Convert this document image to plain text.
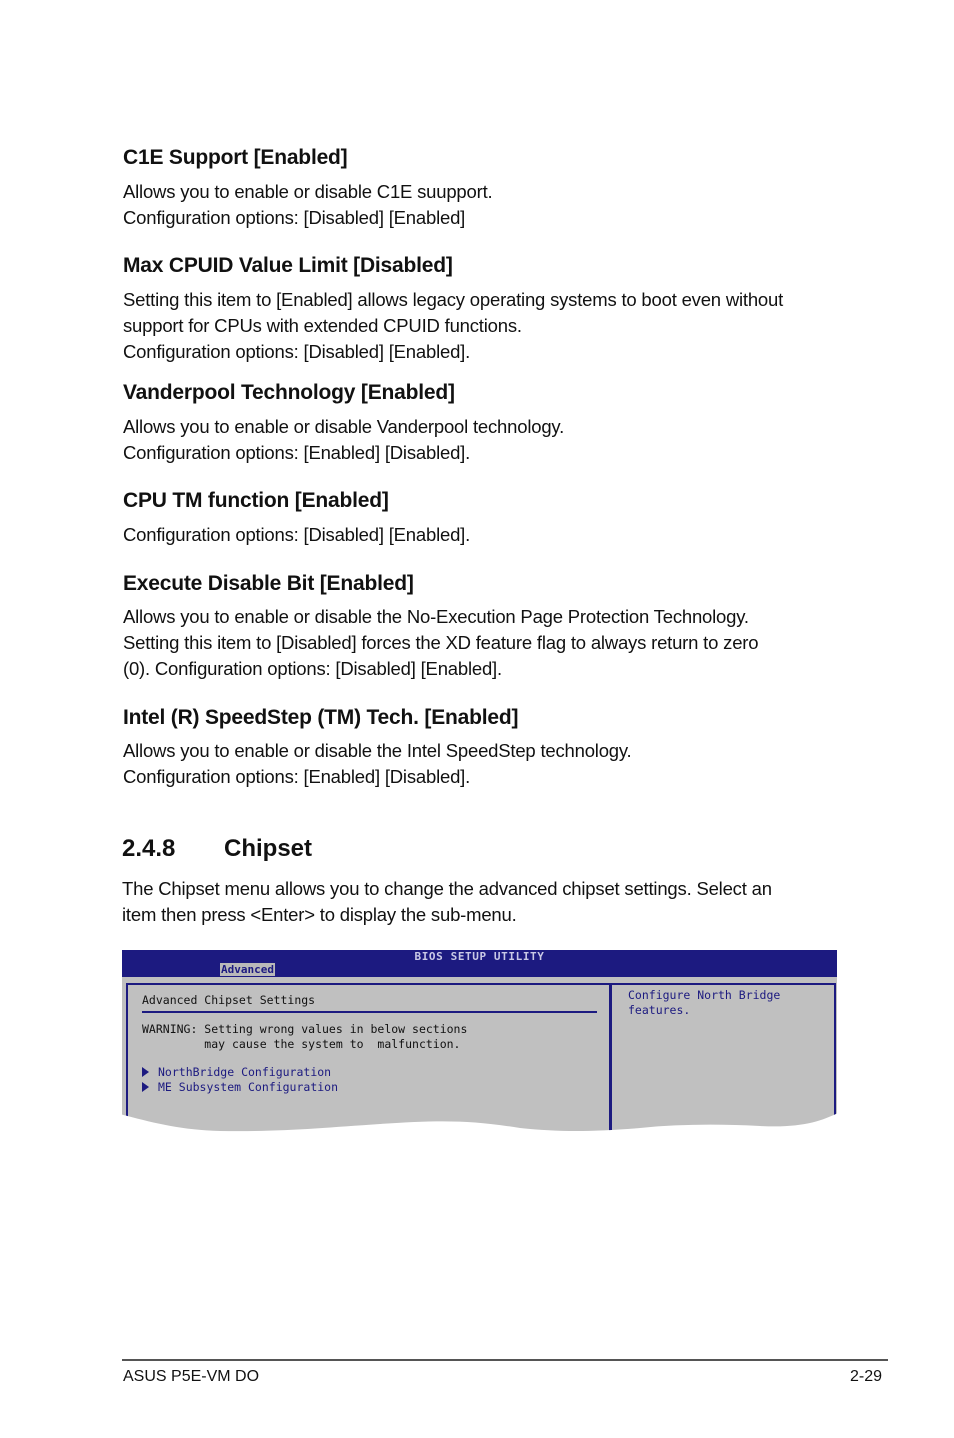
C1E Support [Enabled]
Allows you to enable or disable C1E suupport.
Configuration options: [Disabled] [Enabled]
Max CPUID Value Limit [Disabled]
Setting this item to [Enabled] allows legacy operating systems to boot even without
support for CPUs with extended CPUID functions.
Configuration options: [Disabled] [Enabled].
Vanderpool Technology [Enabled]
Allows you to enable or disable Vanderpool technology.
Configuration options: [Enabled] [Disabled].
CPU TM function [Enabled]
Configuration options: [Disabled] [Enabled].
Execute Disable Bit [Enabled]
Allows you to enable or disable the No-Execution Page Protection Technology.
Setting this item to [Disabled] forces the XD feature flag to always return to zero
(0). Configuration options: [Disabled] [Enabled].
Intel (R) SpeedStep (TM) Tech. [Enabled]
Allows you to enable or disable the Intel SpeedStep technology.
Configuration options: [Enabled] [Disabled].
2.4.8 Chipset
The Chipset menu allows you to change the advanced chipset settings. Select an
item then press <Enter> to display the sub-menu.
BIOS SETUP UTILITY
Advanced
Advanced Chipset Settings
WARNING: Setting wrong values in below sections
may cause the system to  malfunction.
NorthBridge Configuration
ME Subsystem Configuration
Configure North Bridge
features.
ASUS P5E-VM DO	2-29
